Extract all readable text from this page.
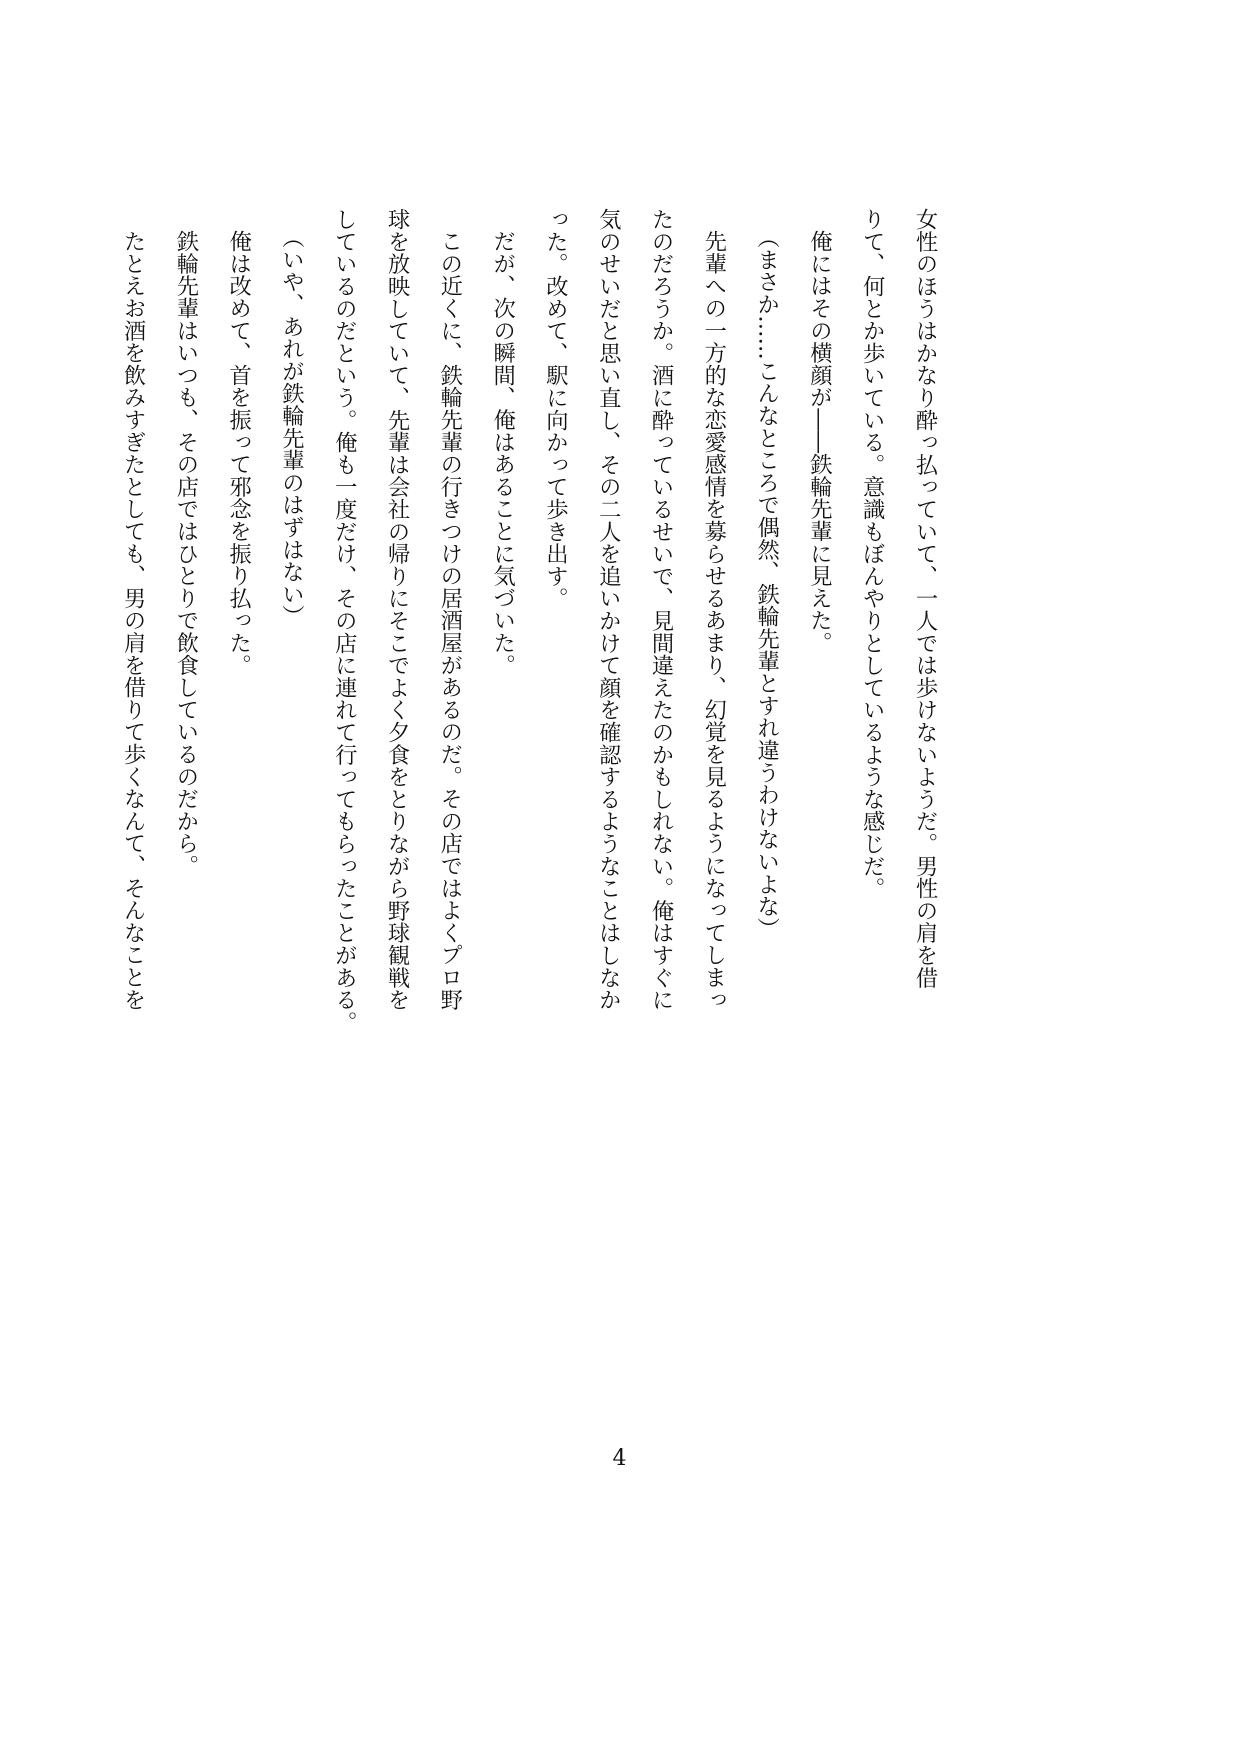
女性のほうはかなり酔っ払っていて、一人では歩けないようだ。男性の肩を借
りて、何とか歩いている。意識もぼんやりとしているような感じだ。
俺にはその横顔が――鉄輪先輩に見えた。
（まさか……こんなところで偶然、鉄輪先輩とすれ違うわけないよな）
先輩への一方的な恋愛感情を募らせるあまり、幻覚を見るようになってしまっ
たのだろうか。酒に酔っているせいで、見間違えたのかもしれない。俺はすぐに
気のせいだと思い直し、その二人を追いかけて顔を確認するようなことはしなか
った。改めて、駅に向かって歩き出す。
だが、次の瞬間、俺はあることに気づいた。
この近くに、鉄輪先輩の行きつけの居酒屋があるのだ。その店ではよくプロ野
球を放映していて、先輩は会社の帰りにそこでよく夕食をとりながら野球観戦を
しているのだという。俺も一度だけ、その店に連れて行ってもらったことがある。
（いや、あれが鉄輪先輩のはずはない）
俺は改めて、首を振って邪念を振り払った。
鉄輪先輩はいつも、その店ではひとりで飲食しているのだから。
たとえお酒を飲みすぎたとしても、男の肩を借りて歩くなんて、そんなことを
4
